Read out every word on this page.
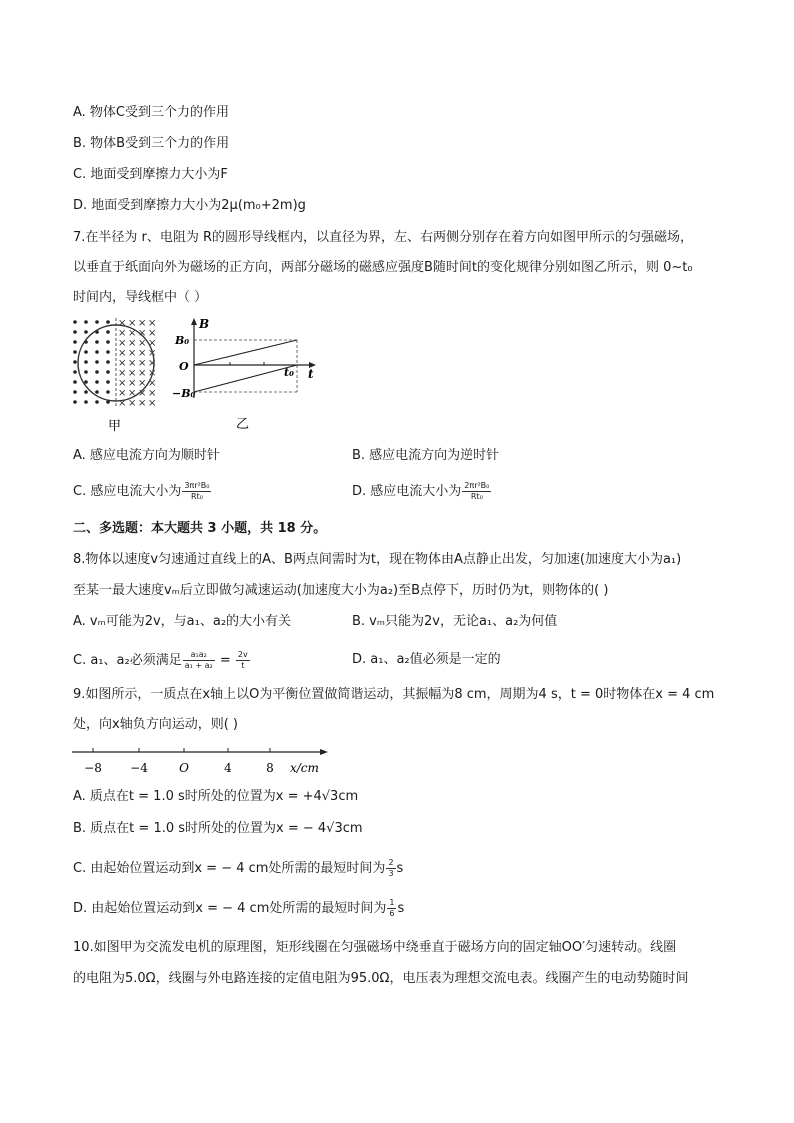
A. 物体C受到三个力的作用
B. 物体B受到三个力的作用
C. 地面受到摩擦力大小为F
D. 地面受到摩擦力大小为2μ(m₀+2m)g
7.在半径为 r、电阻为 R的圆形导线框内，以直径为界，左、右两侧分别存在着方向如图甲所示的匀强磁场，
以垂直于纸面向外为磁场的正方向，两部分磁场的磁感应强度B随时间t的变化规律分别如图乙所示，则 0~t₀
时间内，导线框中（ ）
× × × ×
× × × ×
× × × ×
× × × ×
× × × ×
× × × ×
× × × ×
× × × ×
× × × ×
甲
B
B₀
O
−B₀
t₀ t
乙
A. 感应电流方向为顺时针	B. 感应电流方向为逆时针
C. 感应电流大小为 $\frac{\text{3πr²B₀}}{\text{Rt₀}}$	D. 感应电流大小为 $\frac{\text{2πr²B₀}}{\text{Rt₀}}$
二、多选题：本大题共 3 小题，共 18 分。
8.物体以速度v匀速通过直线上的A、B两点间需时为t，现在物体由A点静止出发，匀加速(加速度大小为a₁)
至某一最大速度vₘ后立即做匀减速运动(加速度大小为a₂)至B点停下，历时仍为t，则物体的( )
A. vₘ可能为2v，与a₁、a₂的大小有关	B. vₘ只能为2v，无论a₁、a₂为何值
C. a₁、a₂必须满足 $\frac{\text{a₁a₂}}{\text{a₁ + a₂}} = \frac{2v}{t}$	D. a₁、a₂值必须是一定的
9.如图所示，一质点在x轴上以O为平衡位置做简谐运动，其振幅为8 cm，周期为4 s，t = 0时物体在x = 4 cm
处，向x轴负方向运动，则( )
−8 −4	O	4	8 x/cm
A. 质点在t = 1.0 s时所处的位置为x = +4√3cm
B. 质点在t = 1.0 s时所处的位置为x = − 4√3cm
C. 由起始位置运动到x = − 4 cm处所需的最短时间为 $\frac{2}{3}$ s
D. 由起始位置运动到x = − 4 cm处所需的最短时间为 $\frac{1}{6}$ s
10.如图甲为交流发电机的原理图，矩形线圈在匀强磁场中绕垂直于磁场方向的固定轴OO′匀速转动。线圈
的电阻为5.0Ω，线圈与外电路连接的定值电阻为95.0Ω，电压表为理想交流电表。线圈产生的电动势随时间
